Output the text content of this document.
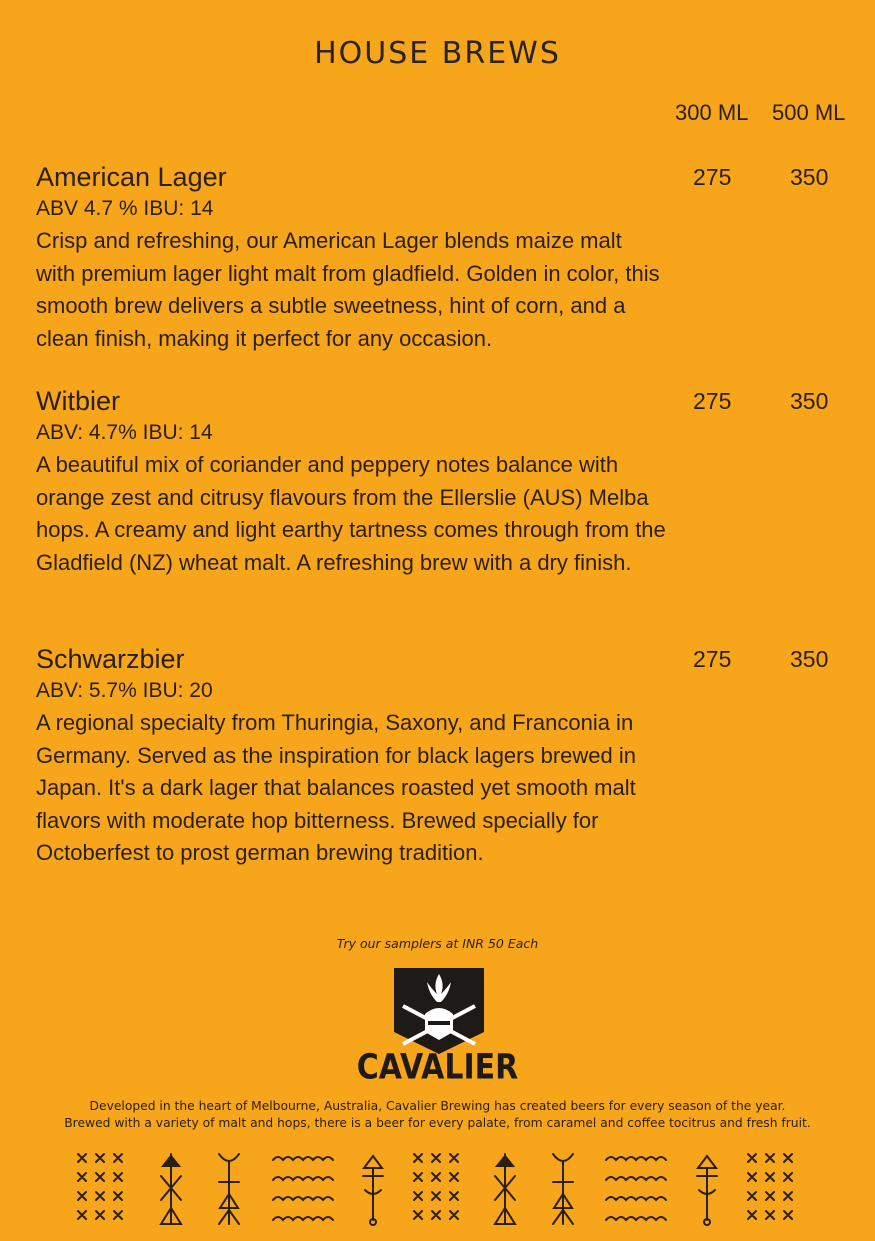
HOUSE BREWS
300 ML 500 ML
American Lager

ABV 4.7 % IBU: 14

Crisp and refreshing, our American Lager blends maize malt with premium lager light malt from gladfield. Golden in color, this smooth brew delivers a subtle sweetness, hint of corn, and a clean finish, making it perfect for any occasion.

275	350
Witbier

ABV: 4.7% IBU: 14

A beautiful mix of coriander and peppery notes balance with orange zest and citrusy flavours from the Ellerslie (AUS) Melba hops. A creamy and light earthy tartness comes through from the Gladfield (NZ) wheat malt. A refreshing brew with a dry finish.

275	350
Schwarzbier

ABV: 5.7% IBU: 20

A regional specialty from Thuringia, Saxony, and Franconia in Germany. Served as the inspiration for black lagers brewed in Japan. It's a dark lager that balances roasted yet smooth malt flavors with moderate hop bitterness. Brewed specially for Octoberfest to prost german brewing tradition.

275	350
Try our samplers at INR 50 Each
CAVALIER
Developed in the heart of Melbourne, Australia, Cavalier Brewing has created beers for every season of the year.
Brewed with a variety of malt and hops, there is a beer for every palate, from caramel and coffee tocitrus and fresh fruit.
